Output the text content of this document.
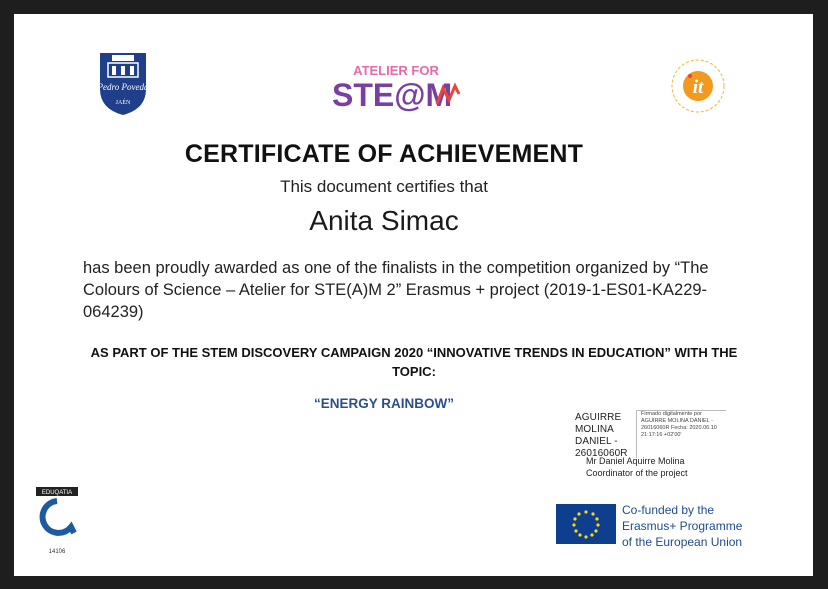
Pedro Poveda
JAÉN
ATELIER FOR
STE@M	it
CERTIFICATE OF ACHIEVEMENT
This document certifies that
Anita Simac
has been proudly awarded as one of the finalists in the competition organized by “The Colours of Science – Atelier for STE(A)M 2” Erasmus + project (2019-1-ES01-KA229-064239)
AS PART OF THE STEM DISCOVERY CAMPAIGN 2020 “INNOVATIVE TRENDS IN EDUCATION” WITH THE TOPIC:
“ENERGY RAINBOW”
AGUIRRE MOLINA DANIEL - 26016060R
Firmado digitalmente por AGUIRRE MOLINA DANIEL - 26016060R Fecha: 2020.06.10 21:17:16 +02'00'
Mr Daniel Aquirre Molina
Coordinator of the project
EDUQATIA
14106
Co-funded by the
Erasmus+ Programme
of the European Union
